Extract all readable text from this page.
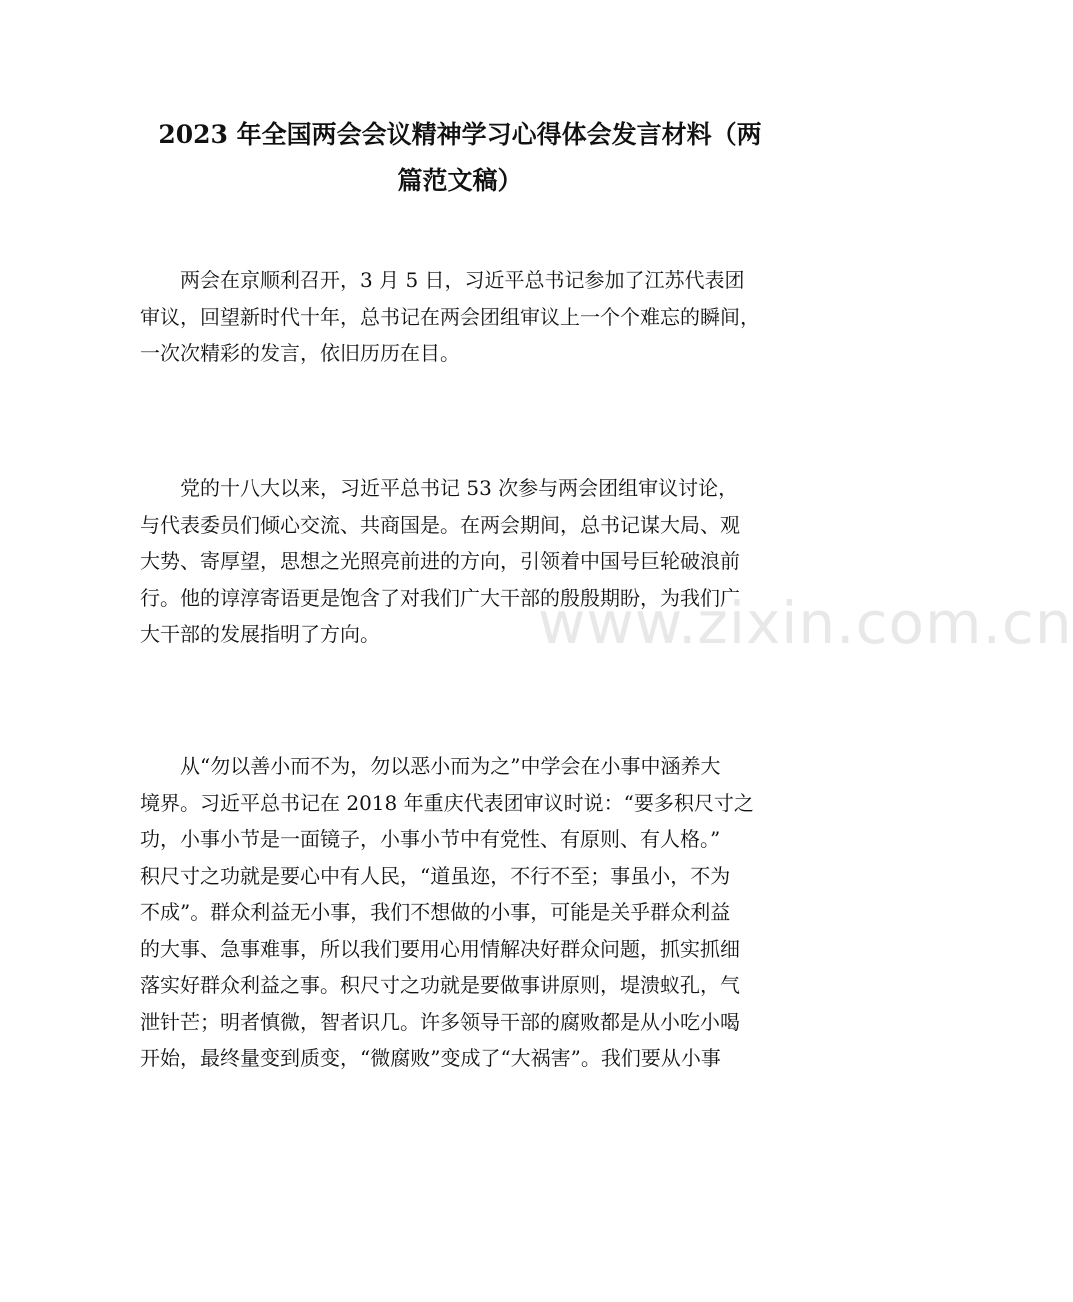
2023 年全国两会会议精神学习心得体会发言材料（两
篇范文稿）
　　两会在京顺利召开，3 月 5 日，习近平总书记参加了江苏代表团
审议，回望新时代十年，总书记在两会团组审议上一个个难忘的瞬间，
一次次精彩的发言，依旧历历在目。
　　党的十八大以来，习近平总书记 53 次参与两会团组审议讨论，
与代表委员们倾心交流、共商国是。在两会期间，总书记谋大局、观
大势、寄厚望，思想之光照亮前进的方向，引领着中国号巨轮破浪前
行。他的谆淳寄语更是饱含了对我们广大干部的殷殷期盼，为我们广
大干部的发展指明了方向。
　　从“勿以善小而不为，勿以恶小而为之”中学会在小事中涵养大
境界。习近平总书记在 2018 年重庆代表团审议时说：“要多积尺寸之
功，小事小节是一面镜子，小事小节中有党性、有原则、有人格。”
积尺寸之功就是要心中有人民，“道虽迩，不行不至；事虽小，不为
不成”。群众利益无小事，我们不想做的小事，可能是关乎群众利益
的大事、急事难事，所以我们要用心用情解决好群众问题，抓实抓细
落实好群众利益之事。积尺寸之功就是要做事讲原则，堤溃蚁孔，气
泄针芒；明者慎微，智者识几。许多领导干部的腐败都是从小吃小喝
开始，最终量变到质变，“微腐败”变成了“大祸害”。我们要从小事
www.zixin.com.cn
